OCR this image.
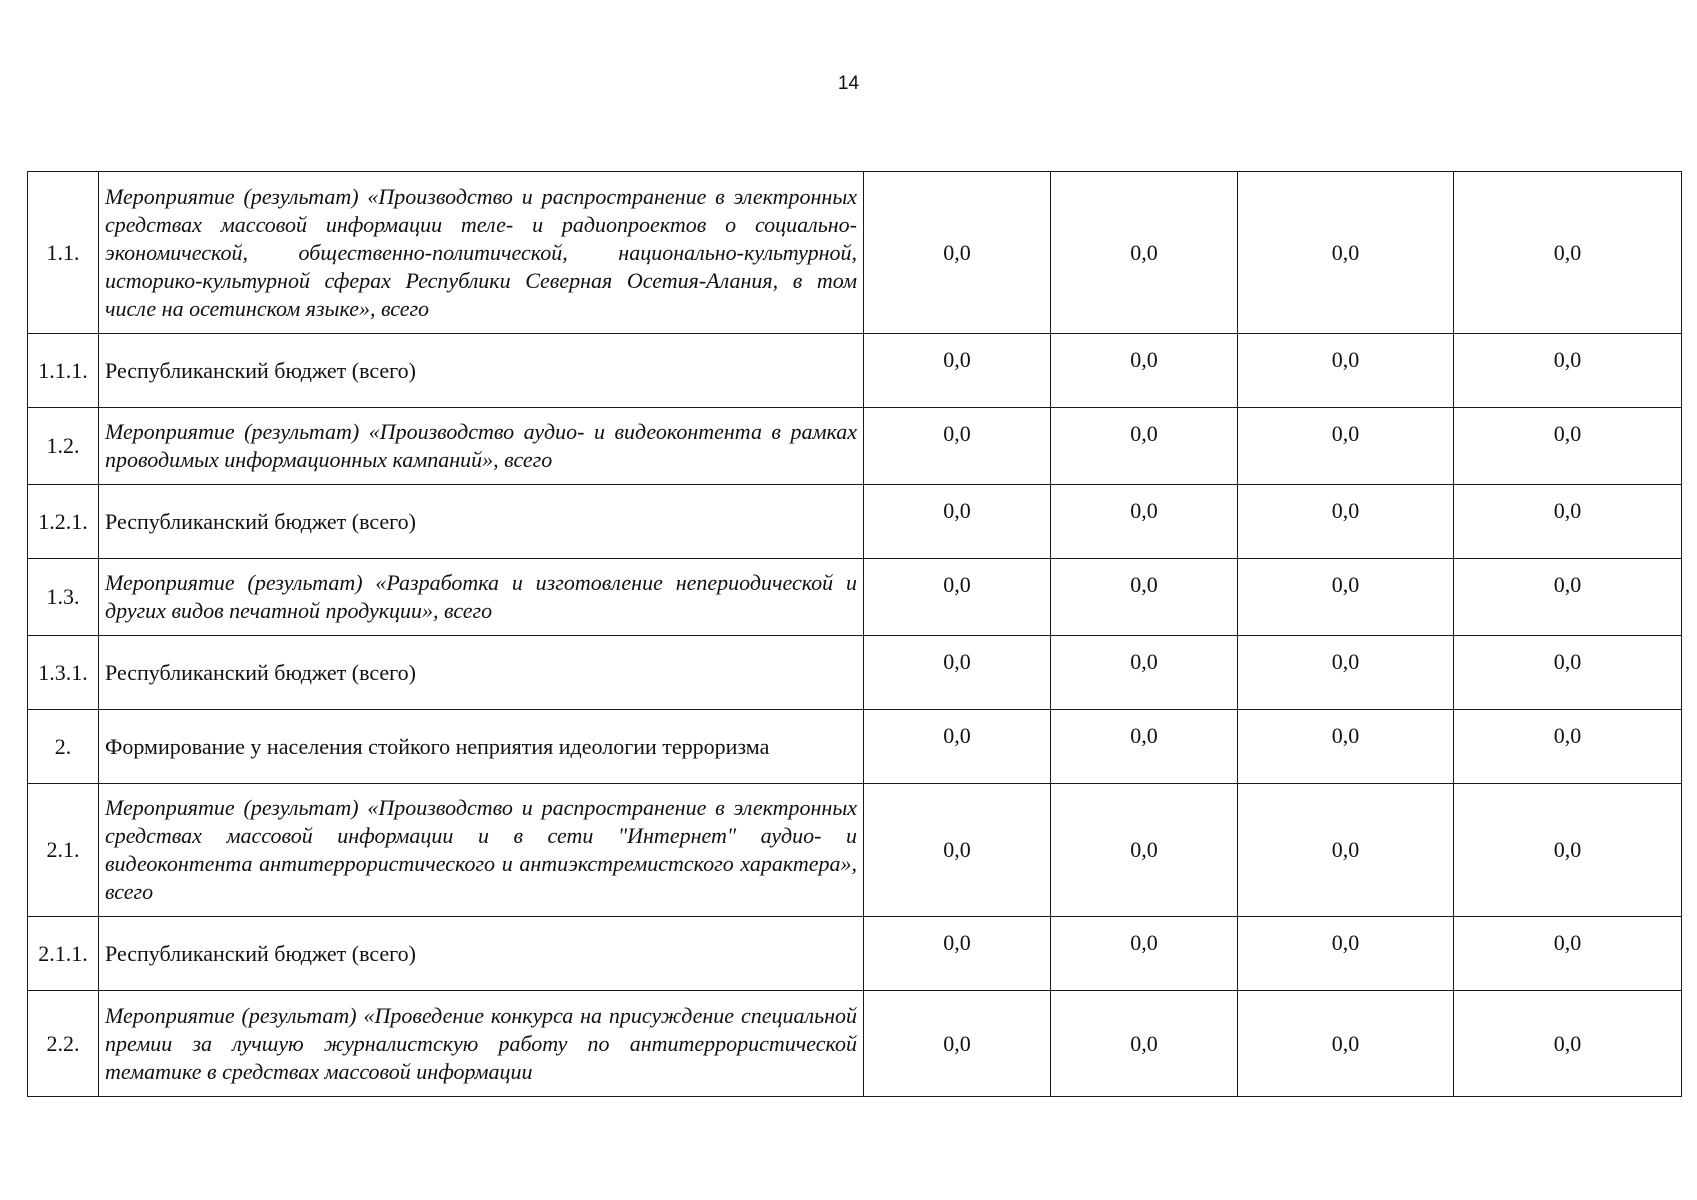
14
1.1.	Мероприятие (результат) «Производство и распространение в электронных средствах массовой информации теле- и радиопроектов о социально-экономической, общественно-политической, национально-культурной, историко-культурной сферах Республики Северная Осетия-Алания, в том числе на осетинском языке», всего	0,0	0,0	0,0	0,0

1.1.1.	Республиканский бюджет (всего)	0,0	0,0	0,0	0,0

1.2.	Мероприятие (результат) «Производство аудио- и видеоконтента в рамках проводимых информационных кампаний», всего	0,0	0,0	0,0	0,0

1.2.1.	Республиканский бюджет (всего)	0,0	0,0	0,0	0,0

1.3.	Мероприятие (результат) «Разработка и изготовление непериодической и других видов печатной продукции», всего	0,0	0,0	0,0	0,0

1.3.1.	Республиканский бюджет (всего)	0,0	0,0	0,0	0,0

2.	Формирование у населения стойкого неприятия идеологии терроризма	0,0	0,0	0,0	0,0

2.1.	Мероприятие (результат) «Производство и распространение в электронных средствах массовой информации и в сети "Интернет" аудио- и видеоконтента антитеррористического и антиэкстремистского характера», всего	0,0	0,0	0,0	0,0

2.1.1.	Республиканский бюджет (всего)	0,0	0,0	0,0	0,0

2.2.	Мероприятие (результат) «Проведение конкурса на присуждение специальной премии за лучшую журналистскую работу по антитеррористической тематике в средствах массовой информации	0,0	0,0	0,0	0,0
